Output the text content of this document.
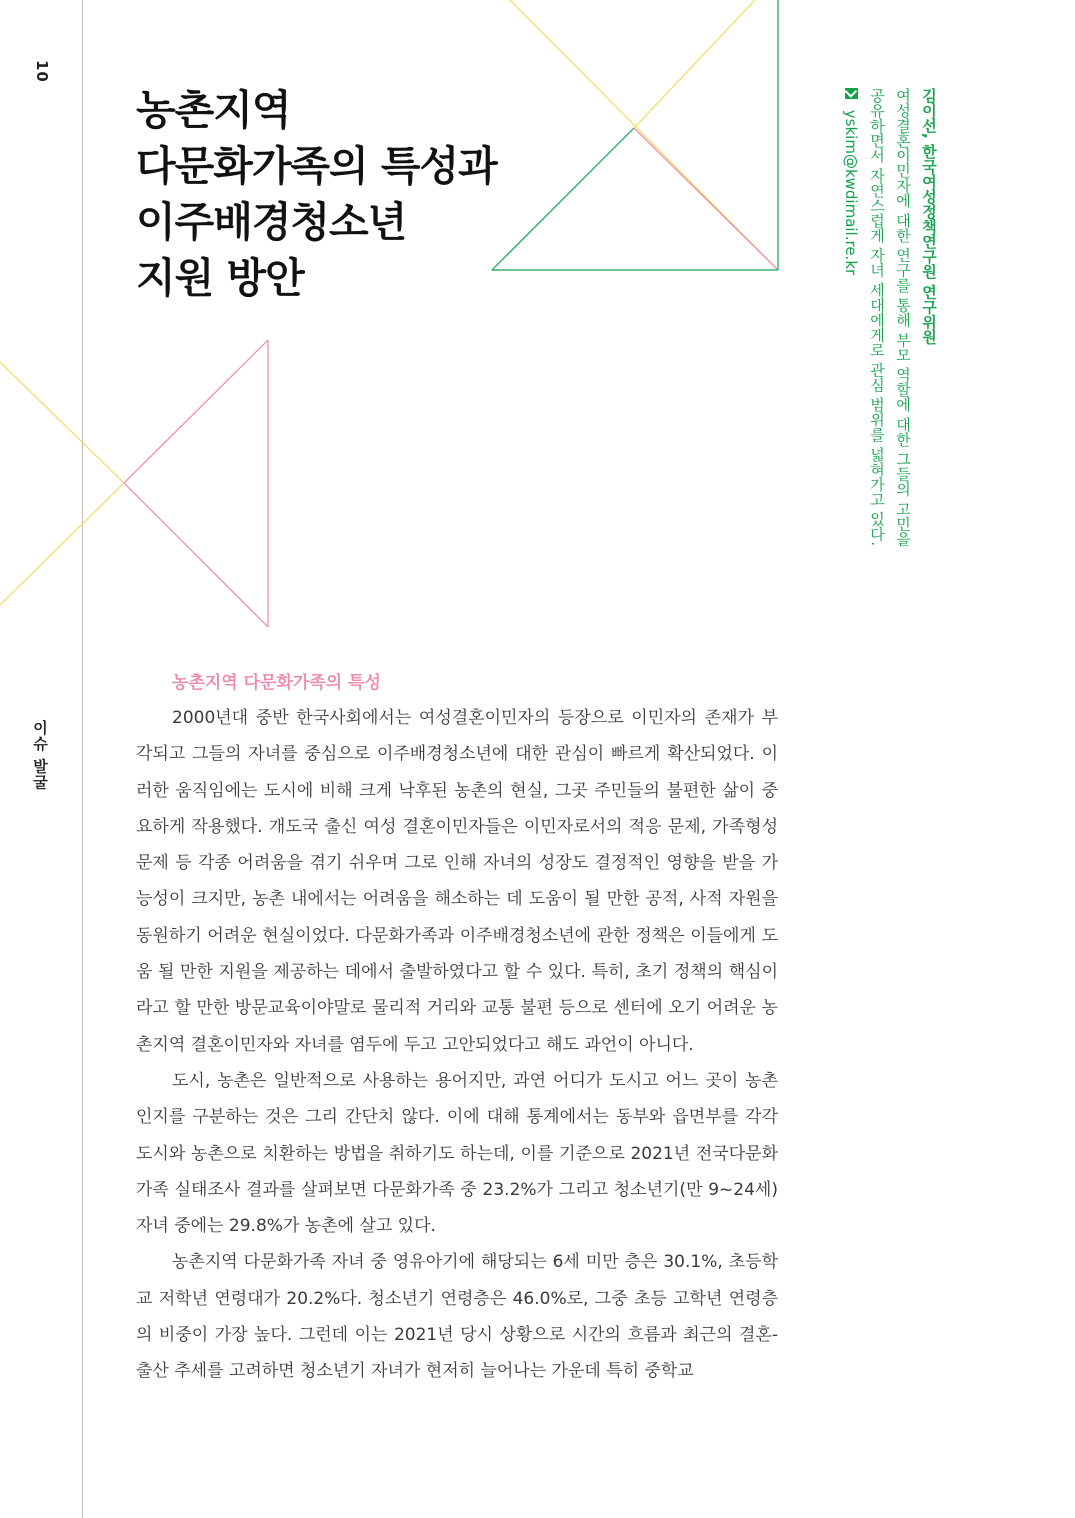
10
이슈 발굴
농촌지역
다문화가족의 특성과
이주배경청소년
지원 방안	김이선, 한국여성정책연구원 연구위원
여성결혼이민자에 대한 연구를 통해 부모 역할에 대한 그들의 고민을 공유하면서 자연스럽게 자녀 세대에게로 관심 범위를 넓혀가고 있다.

yskim@kwdimail.re.kr
농촌지역 다문화가족의 특성

2000년대 중반 한국사회에서는 여성결혼이민자의 등장으로 이민자의 존재가 부각되고 그들의 자녀를 중심으로 이주배경청소년에 대한 관심이 빠르게 확산되었다. 이러한 움직임에는 도시에 비해 크게 낙후된 농촌의 현실, 그곳 주민들의 불편한 삶이 중요하게 작용했다. 개도국 출신 여성 결혼이민자들은 이민자로서의 적응 문제, 가족형성 문제 등 각종 어려움을 겪기 쉬우며 그로 인해 자녀의 성장도 결정적인 영향을 받을 가능성이 크지만, 농촌 내에서는 어려움을 해소하는 데 도움이 될 만한 공적, 사적 자원을 동원하기 어려운 현실이었다. 다문화가족과 이주배경청소년에 관한 정책은 이들에게 도움 될 만한 지원을 제공하는 데에서 출발하였다고 할 수 있다. 특히, 초기 정책의 핵심이라고 할 만한 방문교육이야말로 물리적 거리와 교통 불편 등으로 센터에 오기 어려운 농촌지역 결혼이민자와 자녀를 염두에 두고 고안되었다고 해도 과언이 아니다.

도시, 농촌은 일반적으로 사용하는 용어지만, 과연 어디가 도시고 어느 곳이 농촌인지를 구분하는 것은 그리 간단치 않다. 이에 대해 통계에서는 동부와 읍면부를 각각 도시와 농촌으로 치환하는 방법을 취하기도 하는데, 이를 기준으로 2021년 전국다문화가족 실태조사 결과를 살펴보면 다문화가족 중 23.2%가 그리고 청소년기(만 9~24세) 자녀 중에는 29.8%가 농촌에 살고 있다.

농촌지역 다문화가족 자녀 중 영유아기에 해당되는 6세 미만 층은 30.1%, 초등학교 저학년 연령대가 20.2%다. 청소년기 연령층은 46.0%로, 그중 초등 고학년 연령층의 비중이 가장 높다. 그런데 이는 2021년 당시 상황으로 시간의 흐름과 최근의 결혼-출산 추세를 고려하면 청소년기 자녀가 현저히 늘어나는 가운데 특히 중학교
